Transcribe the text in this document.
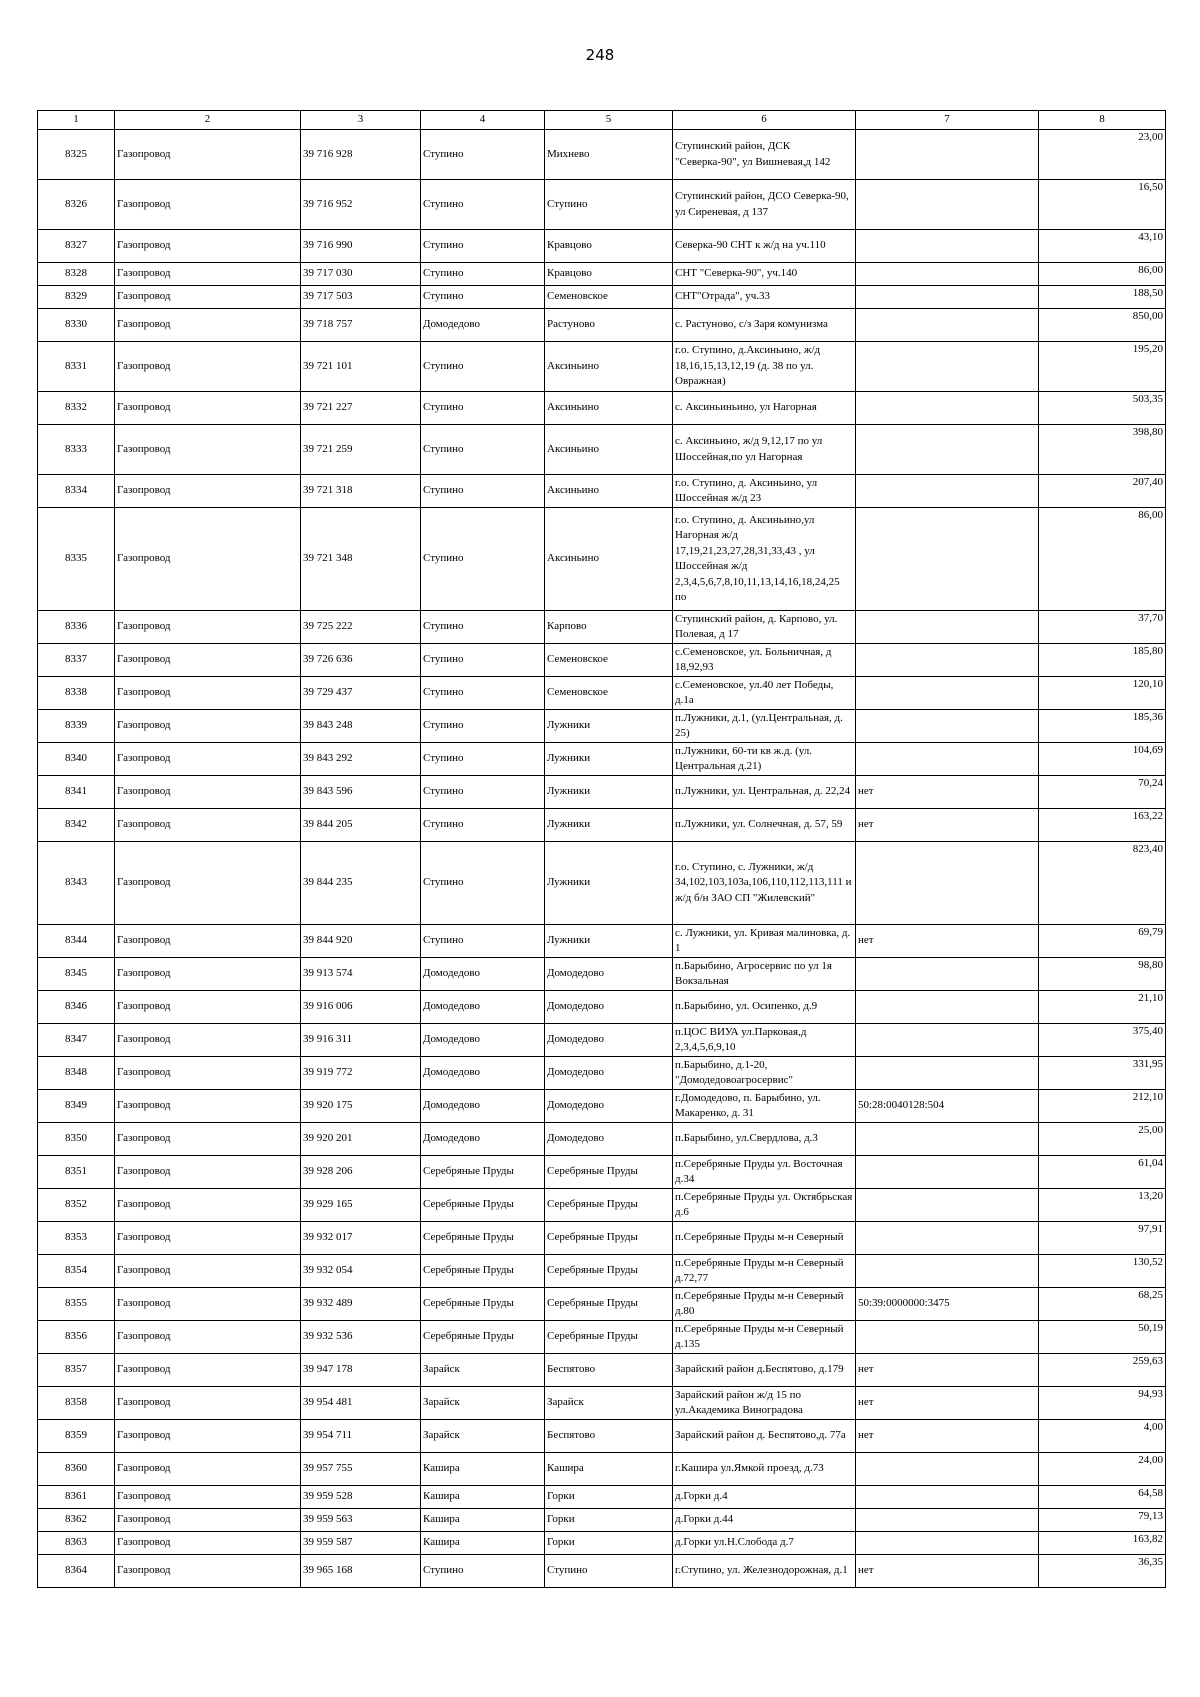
248
1	2	3	4	5	6	7	8
8325	Газопровод	39 716 928	Ступино	Михнево	Ступинский район, ДСК "Северка-90", ул Вишневая,д 142		23,00
8326	Газопровод	39 716 952	Ступино	Ступино	Ступинский район, ДСО Северка-90, ул Сиреневая, д 137		16,50
8327	Газопровод	39 716 990	Ступино	Кравцово	Северка-90 СНТ к ж/д на уч.110		43,10
8328	Газопровод	39 717 030	Ступино	Кравцово	СНТ "Северка-90", уч.140		86,00
8329	Газопровод	39 717 503	Ступино	Семеновское	СНТ"Отрада", уч.33		188,50
8330	Газопровод	39 718 757	Домодедово	Растуново	с. Растуново, с/з Заря комунизма		850,00
8331	Газопровод	39 721 101	Ступино	Аксиньино	г.о. Ступино, д.Аксиньино, ж/д 18,16,15,13,12,19 (д. 38 по ул. Овражная)		195,20
8332	Газопровод	39 721 227	Ступино	Аксиньино	с. Аксиньиньино, ул Нагорная		503,35
8333	Газопровод	39 721 259	Ступино	Аксиньино	с. Аксиньино, ж/д 9,12,17 по ул Шоссейная,по ул Нагорная		398,80
8334	Газопровод	39 721 318	Ступино	Аксиньино	г.о. Ступино, д. Аксиньино, ул Шоссейная ж/д 23		207,40
8335	Газопровод	39 721 348	Ступино	Аксиньино	г.о. Ступино, д. Аксиньино,ул Нагорная ж/д 17,19,21,23,27,28,31,33,43 , ул Шоссейная ж/д 2,3,4,5,6,7,8,10,11,13,14,16,18,24,25 по		86,00
8336	Газопровод	39 725 222	Ступино	Карпово	Ступинский район, д. Карпово, ул. Полевая, д 17		37,70
8337	Газопровод	39 726 636	Ступино	Семеновское	с.Семеновское, ул. Больничная, д 18,92,93		185,80
8338	Газопровод	39 729 437	Ступино	Семеновское	с.Семеновское, ул.40 лет Победы, д.1а		120,10
8339	Газопровод	39 843 248	Ступино	Лужники	п.Лужники, д.1, (ул.Центральная, д. 25)		185,36
8340	Газопровод	39 843 292	Ступино	Лужники	п.Лужники, 60-ти кв ж.д. (ул. Центральная д.21)		104,69
8341	Газопровод	39 843 596	Ступино	Лужники	п.Лужники, ул. Центральная, д. 22,24	нет	70,24
8342	Газопровод	39 844 205	Ступино	Лужники	п.Лужники, ул. Солнечная, д. 57, 59	нет	163,22
8343	Газопровод	39 844 235	Ступино	Лужники	г.о. Ступино, с. Лужники, ж/д 34,102,103,103а,106,110,112,113,111 и ж/д б/н ЗАО СП "Жилевский"		823,40
8344	Газопровод	39 844 920	Ступино	Лужники	с. Лужники, ул. Кривая малиновка, д. 1	нет	69,79
8345	Газопровод	39 913 574	Домодедово	Домодедово	п.Барыбино, Агросервис по ул 1я Вокзальная		98,80
8346	Газопровод	39 916 006	Домодедово	Домодедово	п.Барыбино, ул. Осипенко, д.9		21,10
8347	Газопровод	39 916 311	Домодедово	Домодедово	п.ЦОС ВИУА ул.Парковая,д 2,3,4,5,6,9,10		375,40
8348	Газопровод	39 919 772	Домодедово	Домодедово	п.Барыбино, д.1-20, "Домодедовоагросервис"		331,95
8349	Газопровод	39 920 175	Домодедово	Домодедово	г.Домодедово, п. Барыбино, ул. Макаренко, д. 31	50:28:0040128:504	212,10
8350	Газопровод	39 920 201	Домодедово	Домодедово	п.Барыбино, ул.Свердлова, д.3		25,00
8351	Газопровод	39 928 206	Серебряные Пруды	Серебряные Пруды	п.Серебряные Пруды ул. Восточная д.34		61,04
8352	Газопровод	39 929 165	Серебряные Пруды	Серебряные Пруды	п.Серебряные Пруды ул. Октябрьская д.6		13,20
8353	Газопровод	39 932 017	Серебряные Пруды	Серебряные Пруды	п.Серебряные Пруды м-н Северный		97,91
8354	Газопровод	39 932 054	Серебряные Пруды	Серебряные Пруды	п.Серебряные Пруды м-н Северный д.72,77		130,52
8355	Газопровод	39 932 489	Серебряные Пруды	Серебряные Пруды	п.Серебряные Пруды м-н Северный д.80	50:39:0000000:3475	68,25
8356	Газопровод	39 932 536	Серебряные Пруды	Серебряные Пруды	п.Серебряные Пруды м-н Северный д.135		50,19
8357	Газопровод	39 947 178	Зарайск	Беспятово	Зарайский район д.Беспятово, д.179	нет	259,63
8358	Газопровод	39 954 481	Зарайск	Зарайск	Зарайский район ж/д 15 по ул.Академика Виноградова	нет	94,93
8359	Газопровод	39 954 711	Зарайск	Беспятово	Зарайский район д. Беспятово,д. 77а	нет	4,00
8360	Газопровод	39 957 755	Кашира	Кашира	г.Кашира ул.Ямкой проезд, д.73		24,00
8361	Газопровод	39 959 528	Кашира	Горки	д.Горки д.4		64,58
8362	Газопровод	39 959 563	Кашира	Горки	д.Горки д.44		79,13
8363	Газопровод	39 959 587	Кашира	Горки	д.Горки ул.Н.Слобода д.7		163,82
8364	Газопровод	39 965 168	Ступино	Ступино	г.Ступино, ул. Железнодорожная, д.1	нет	36,35
